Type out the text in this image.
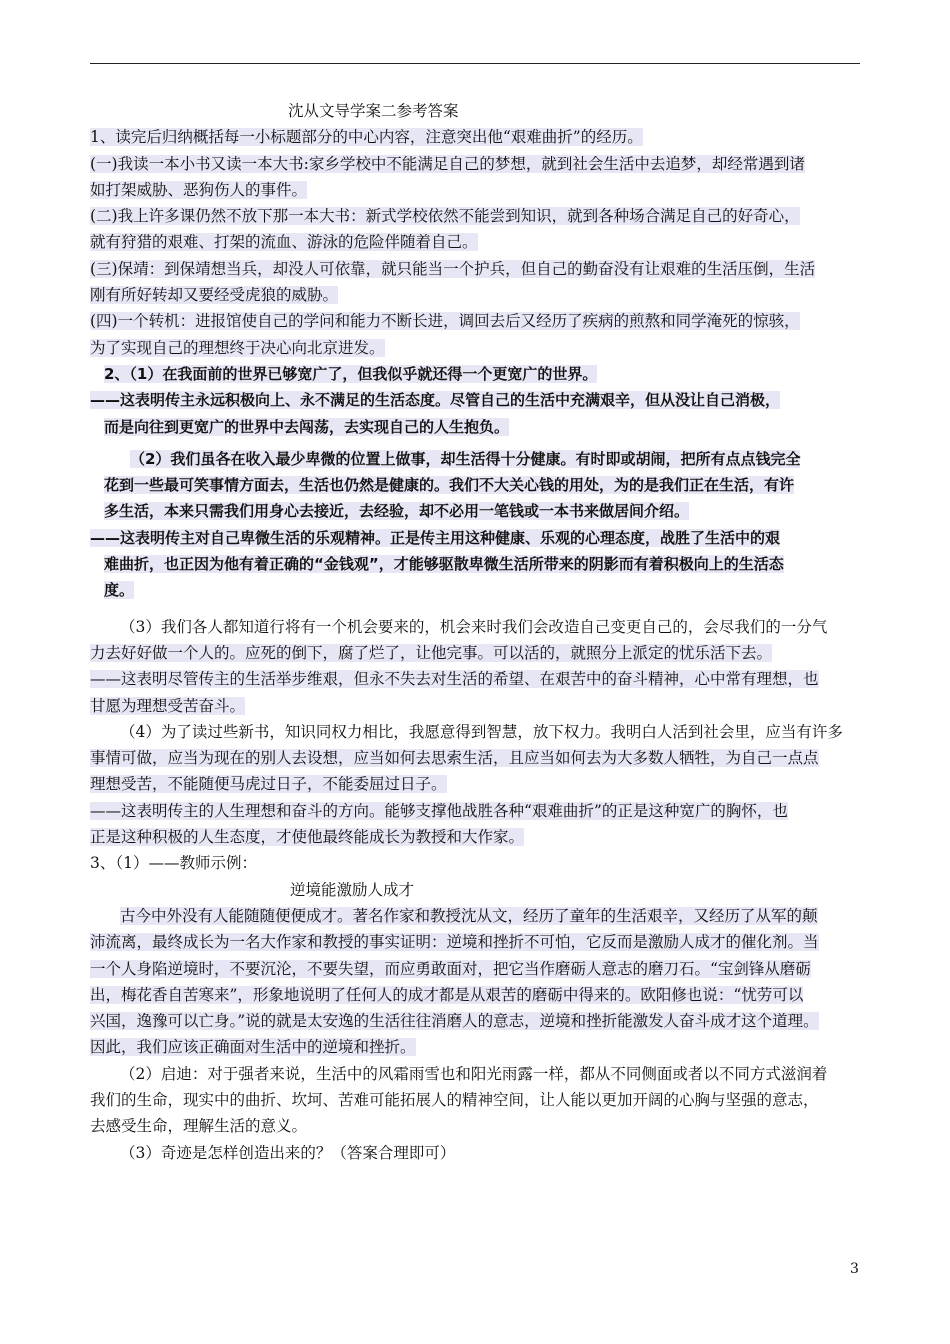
沈从文导学案二参考答案

1、读完后归纳概括每一小标题部分的中心内容，注意突出他“艰难曲折”的经历。

(一)我读一本小书又读一本大书:家乡学校中不能满足自己的梦想，就到社会生活中去追梦，却经常遇到诸

如打架威胁、恶狗伤人的事件。

(二)我上许多课仍然不放下那一本大书：新式学校依然不能尝到知识，就到各种场合满足自己的好奇心，

就有狩猎的艰难、打架的流血、游泳的危险伴随着自己。

(三)保靖：到保靖想当兵，却没人可依靠，就只能当一个护兵，但自己的勤奋没有让艰难的生活压倒，生活

刚有所好转却又要经受虎狼的威胁。

(四)一个转机：进报馆使自己的学问和能力不断长进，调回去后又经历了疾病的煎熬和同学淹死的惊骇，

为了实现自己的理想终于决心向北京进发。

2、（1）在我面前的世界已够宽广了，但我似乎就还得一个更宽广的世界。

——这表明传主永远积极向上、永不满足的生活态度。尽管自己的生活中充满艰辛，但从没让自己消极，

而是向往到更宽广的世界中去闯荡，去实现自己的人生抱负。

（2）我们虽各在收入最少卑微的位置上做事，却生活得十分健康。有时即或胡闹，把所有点点钱完全

花到一些最可笑事情方面去，生活也仍然是健康的。我们不大关心钱的用处，为的是我们正在生活，有许

多生活，本来只需我们用身心去接近，去经验，却不必用一笔钱或一本书来做居间介绍。

——这表明传主对自己卑微生活的乐观精神。正是传主用这种健康、乐观的心理态度，战胜了生活中的艰

难曲折，也正因为他有着正确的“金钱观”，才能够驱散卑微生活所带来的阴影而有着积极向上的生活态

度。

（3）我们各人都知道行将有一个机会要来的，机会来时我们会改造自己变更自己的，会尽我们的一分气

力去好好做一个人的。应死的倒下，腐了烂了，让他完事。可以活的，就照分上派定的忧乐活下去。

——这表明尽管传主的生活举步维艰，但永不失去对生活的希望、在艰苦中的奋斗精神，心中常有理想，也

甘愿为理想受苦奋斗。

（4）为了读过些新书，知识同权力相比，我愿意得到智慧，放下权力。我明白人活到社会里，应当有许多

事情可做，应当为现在的别人去设想，应当如何去思索生活，且应当如何去为大多数人牺牲，为自己一点点

理想受苦，不能随便马虎过日子，不能委屈过日子。

——这表明传主的人生理想和奋斗的方向。能够支撑他战胜各种“艰难曲折”的正是这种宽广的胸怀，也

正是这种积极的人生态度，才使他最终能成长为教授和大作家。

3、（1）——教师示例：

逆境能激励人成才

古今中外没有人能随随便便成才。著名作家和教授沈从文，经历了童年的生活艰辛，又经历了从军的颠

沛流离，最终成长为一名大作家和教授的事实证明：逆境和挫折不可怕，它反而是激励人成才的催化剂。当

一个人身陷逆境时，不要沉沦，不要失望，而应勇敢面对，把它当作磨砺人意志的磨刀石。“宝剑锋从磨砺

出，梅花香自苦寒来”，形象地说明了任何人的成才都是从艰苦的磨砺中得来的。欧阳修也说：“忧劳可以

兴国，逸豫可以亡身。”说的就是太安逸的生活往往消磨人的意志，逆境和挫折能激发人奋斗成才这个道理。

因此，我们应该正确面对生活中的逆境和挫折。

（2）启迪：对于强者来说，生活中的风霜雨雪也和阳光雨露一样，都从不同侧面或者以不同方式滋润着

我们的生命，现实中的曲折、坎坷、苦难可能拓展人的精神空间，让人能以更加开阔的心胸与坚强的意志，

去感受生命，理解生活的意义。

（3）奇迹是怎样创造出来的？（答案合理即可）

3
